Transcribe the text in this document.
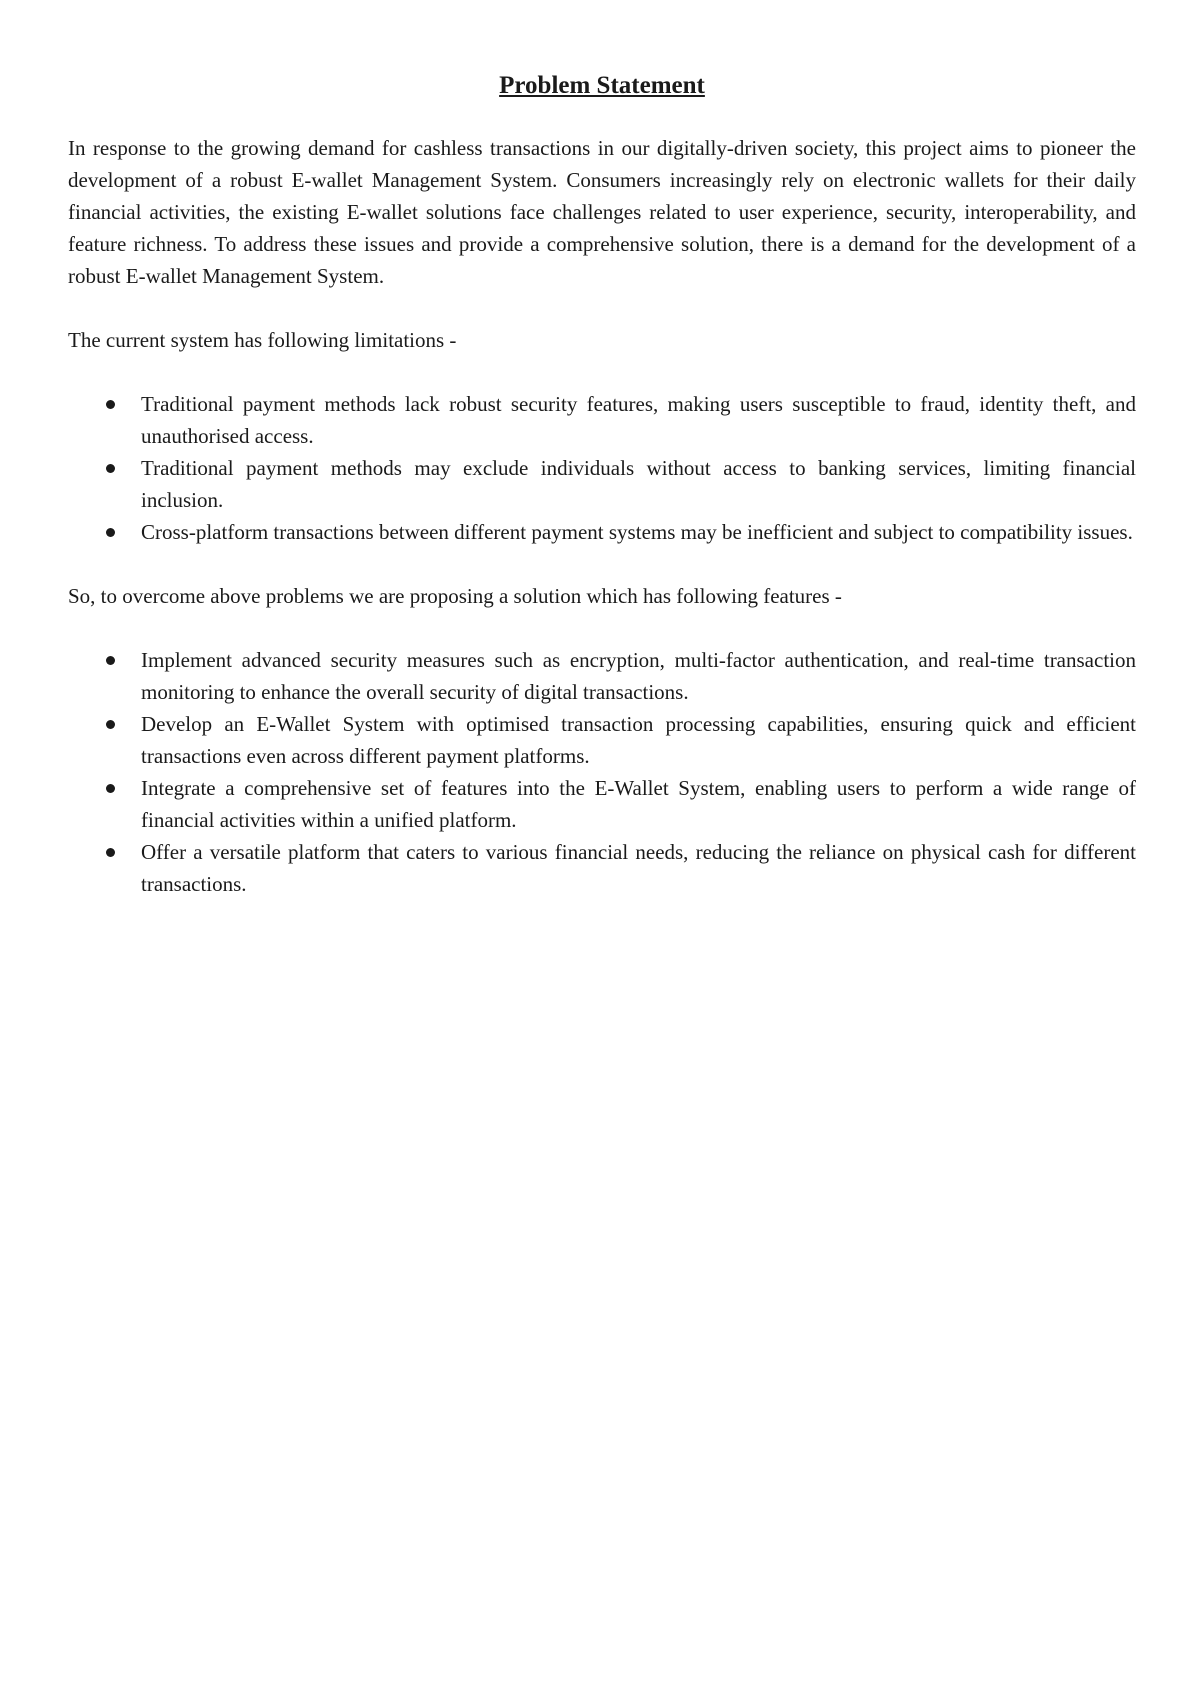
Problem Statement

In response to the growing demand for cashless transactions in our digitally-driven society, this project aims to pioneer the development of a robust E-wallet Management System. Consumers increasingly rely on electronic wallets for their daily financial activities, the existing E-wallet solutions face challenges related to user experience, security, interoperability, and feature richness. To address these issues and provide a comprehensive solution, there is a demand for the development of a robust E-wallet Management System.

The current system has following limitations -

Traditional payment methods lack robust security features, making users susceptible to fraud, identity theft, and unauthorised access.
Traditional payment methods may exclude individuals without access to banking services, limiting financial inclusion.
Cross-platform transactions between different payment systems may be inefficient and subject to compatibility issues.

So, to overcome above problems we are proposing a solution which has following features -

Implement advanced security measures such as encryption, multi-factor authentication, and real-time transaction monitoring to enhance the overall security of digital transactions.
Develop an E-Wallet System with optimised transaction processing capabilities, ensuring quick and efficient transactions even across different payment platforms.
Integrate a comprehensive set of features into the E-Wallet System, enabling users to perform a wide range of financial activities within a unified platform.
Offer a versatile platform that caters to various financial needs, reducing the reliance on physical cash for different transactions.
